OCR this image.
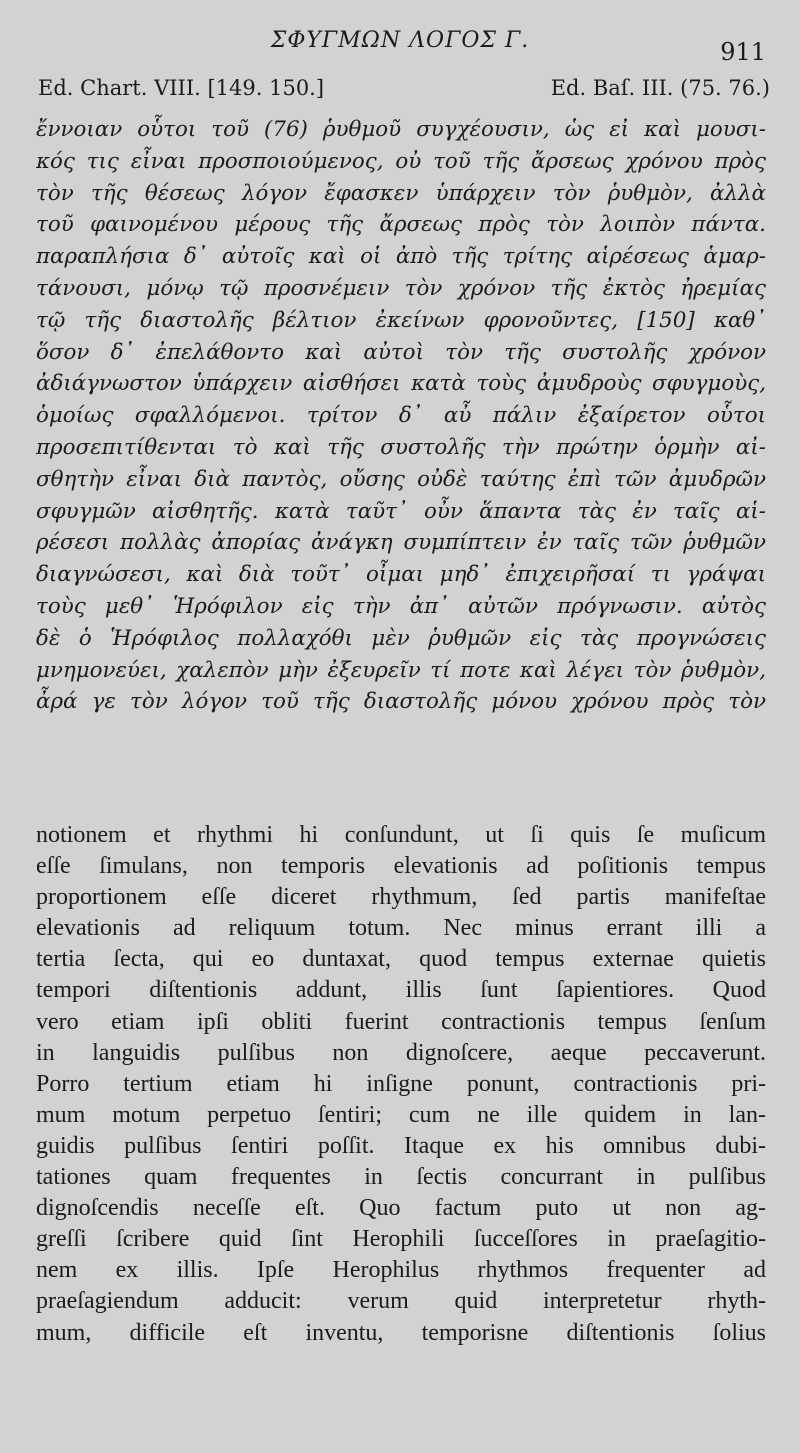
ΣΦΥΓΜΩΝ ΛΟΓΟΣ Γ.	911
Ed. Chart. VIII. [149. 150.]	Ed. Baſ. III. (75. 76.)
ἔννοιαν οὗτοι τοῦ (76) ῥυθμοῦ συγχέουσιν, ὡς εἰ καὶ μουσι-
κός τις εἶναι προσποιούμενος, οὐ τοῦ τῆς ἄρσεως χρόνου πρὸς
τὸν τῆς θέσεως λόγον ἔφασκεν ὑπάρχειν τὸν ῥυθμὸν, ἀλλὰ
τοῦ φαινομένου μέρους τῆς ἄρσεως πρὸς τὸν λοιπὸν πάντα.
παραπλήσια δ᾽ αὐτοῖς καὶ οἱ ἀπὸ τῆς τρίτης αἱρέσεως ἁμαρ-
τάνουσι, μόνῳ τῷ προσνέμειν τὸν χρόνον τῆς ἐκτὸς ἠρεμίας
τῷ τῆς διαστολῆς βέλτιον ἐκείνων φρονοῦντες, [150] καθ᾽
ὅσον δ᾽ ἐπελάθοντο καὶ αὐτοὶ τὸν τῆς συστολῆς χρόνον
ἀδιάγνωστον ὑπάρχειν αἰσθήσει κατὰ τοὺς ἀμυδροὺς σφυγμοὺς,
ὁμοίως σφαλλόμενοι. τρίτον δ᾽ αὖ πάλιν ἐξαίρετον οὗτοι
προσεπιτίθενται τὸ καὶ τῆς συστολῆς τὴν πρώτην ὁρμὴν αἰ-
σθητὴν εἶναι διὰ παντὸς, οὔσης οὐδὲ ταύτης ἐπὶ τῶν ἀμυδρῶν
σφυγμῶν αἰσθητῆς. κατὰ ταῦτ᾽ οὖν ἅπαντα τὰς ἐν ταῖς αἱ-
ρέσεσι πολλὰς ἀπορίας ἀνάγκη συμπίπτειν ἐν ταῖς τῶν ῥυθμῶν
διαγνώσεσι, καὶ διὰ τοῦτ᾽ οἶμαι μηδ᾽ ἐπιχειρῆσαί τι γράψαι
τοὺς μεθ᾽ Ἡρόφιλον εἰς τὴν ἀπ᾽ αὐτῶν πρόγνωσιν. αὐτὸς
δὲ ὁ Ἡρόφιλος πολλαχόθι μὲν ῥυθμῶν εἰς τὰς προγνώσεις
μνημονεύει, χαλεπὸν μὴν ἐξευρεῖν τί ποτε καὶ λέγει τὸν ῥυθμὸν,
ἆρά γε τὸν λόγον τοῦ τῆς διαστολῆς μόνου χρόνου πρὸς τὸν
notionem et rhythmi hi conſundunt, ut ſi quis ſe muſicum
eſſe ſimulans, non temporis elevationis ad poſitionis tempus
proportionem eſſe diceret rhythmum, ſed partis manifeſtae
elevationis ad reliquum totum. Nec minus errant illi a
tertia ſecta, qui eo duntaxat, quod tempus externae quietis
tempori diſtentionis addunt, illis ſunt ſapientiores. Quod
vero etiam ipſi obliti fuerint contractionis tempus ſenſum
in languidis pulſibus non dignoſcere, aeque peccaverunt.
Porro tertium etiam hi inſigne ponunt, contractionis pri-
mum motum perpetuo ſentiri; cum ne ille quidem in lan-
guidis pulſibus ſentiri poſſit. Itaque ex his omnibus dubi-
tationes quam frequentes in ſectis concurrant in pulſibus
dignoſcendis neceſſe eſt. Quo factum puto ut non ag-
greſſi ſcribere quid ſint Herophili ſucceſſores in praeſagitio-
nem ex illis. Ipſe Herophilus rhythmos frequenter ad
praeſagiendum adducit: verum quid interpretetur rhyth-
mum, difficile eſt inventu, temporisne diſtentionis ſolius
